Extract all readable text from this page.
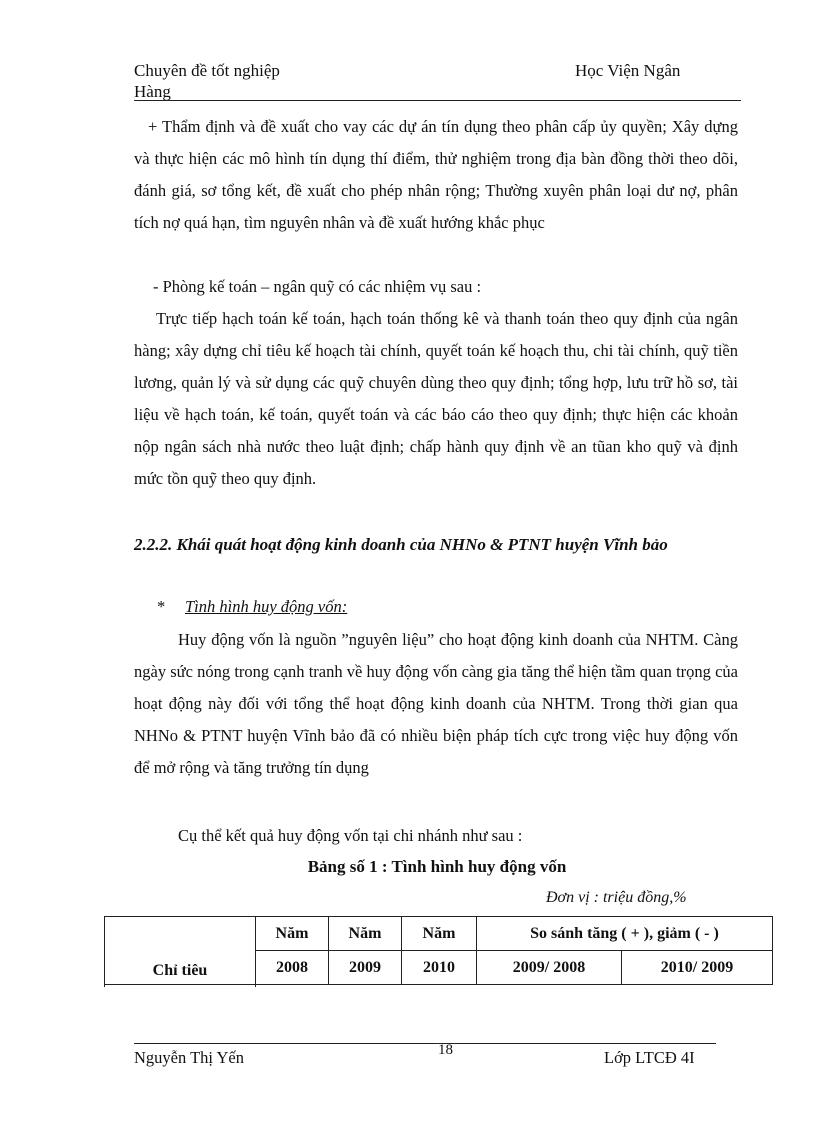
Chuyên đề tốt nghiệp	Học Viện Ngân
Hàng
+ Thẩm định và đề xuất cho vay các dự án tín dụng theo phân cấp ủy quyền; Xây dựng và thực hiện các mô hình tín dụng thí điểm, thử nghiệm trong địa bàn đồng thời theo dõi, đánh giá, sơ tổng kết, đề xuất cho phép nhân rộng; Thường xuyên phân loại dư nợ, phân tích nợ quá hạn, tìm nguyên nhân và đề xuất hướng khắc phục
- Phòng kế toán – ngân quỹ có các nhiệm vụ sau :
Trực tiếp hạch toán kế toán, hạch toán thống kê và thanh toán theo quy định của ngân hàng; xây dựng chỉ tiêu kế hoạch tài chính, quyết toán kế hoạch thu, chi tài chính, quỹ tiền lương, quản lý và sử dụng các quỹ chuyên dùng theo quy định; tổng hợp, lưu trữ hồ sơ, tài liệu về hạch toán, kế toán, quyết toán và các báo cáo theo quy định; thực hiện các khoản nộp ngân sách nhà nước theo luật định; chấp hành quy định về an tũan kho quỹ và định mức tồn quỹ theo quy định.
2.2.2. Khái quát hoạt động kinh doanh của NHNo & PTNT huyện Vĩnh bảo
* Tình hình huy động vốn:
Huy động vốn là nguồn ”nguyên liệu” cho hoạt động kinh doanh của NHTM. Càng ngày sức nóng trong cạnh tranh về huy động vốn càng gia tăng thể hiện tầm quan trọng của hoạt động này đối với tổng thể hoạt động kinh doanh của NHTM. Trong thời gian qua NHNo & PTNT huyện Vĩnh bảo đã có nhiều biện pháp tích cực trong việc huy động vốn để mở rộng và tăng trưởng tín dụng
Cụ thể kết quả huy động vốn tại chi nhánh như sau :
Bảng số 1 : Tình hình huy động vốn
Đơn vị : triệu đồng,%
Chỉ tiêu	Năm	Năm	Năm	So sánh tăng ( + ), giảm ( - )	
	2008	2009	2010	2009/ 2008	2010/ 2009

Nguyễn Thị Yến	18	Lớp LTCĐ 4I
